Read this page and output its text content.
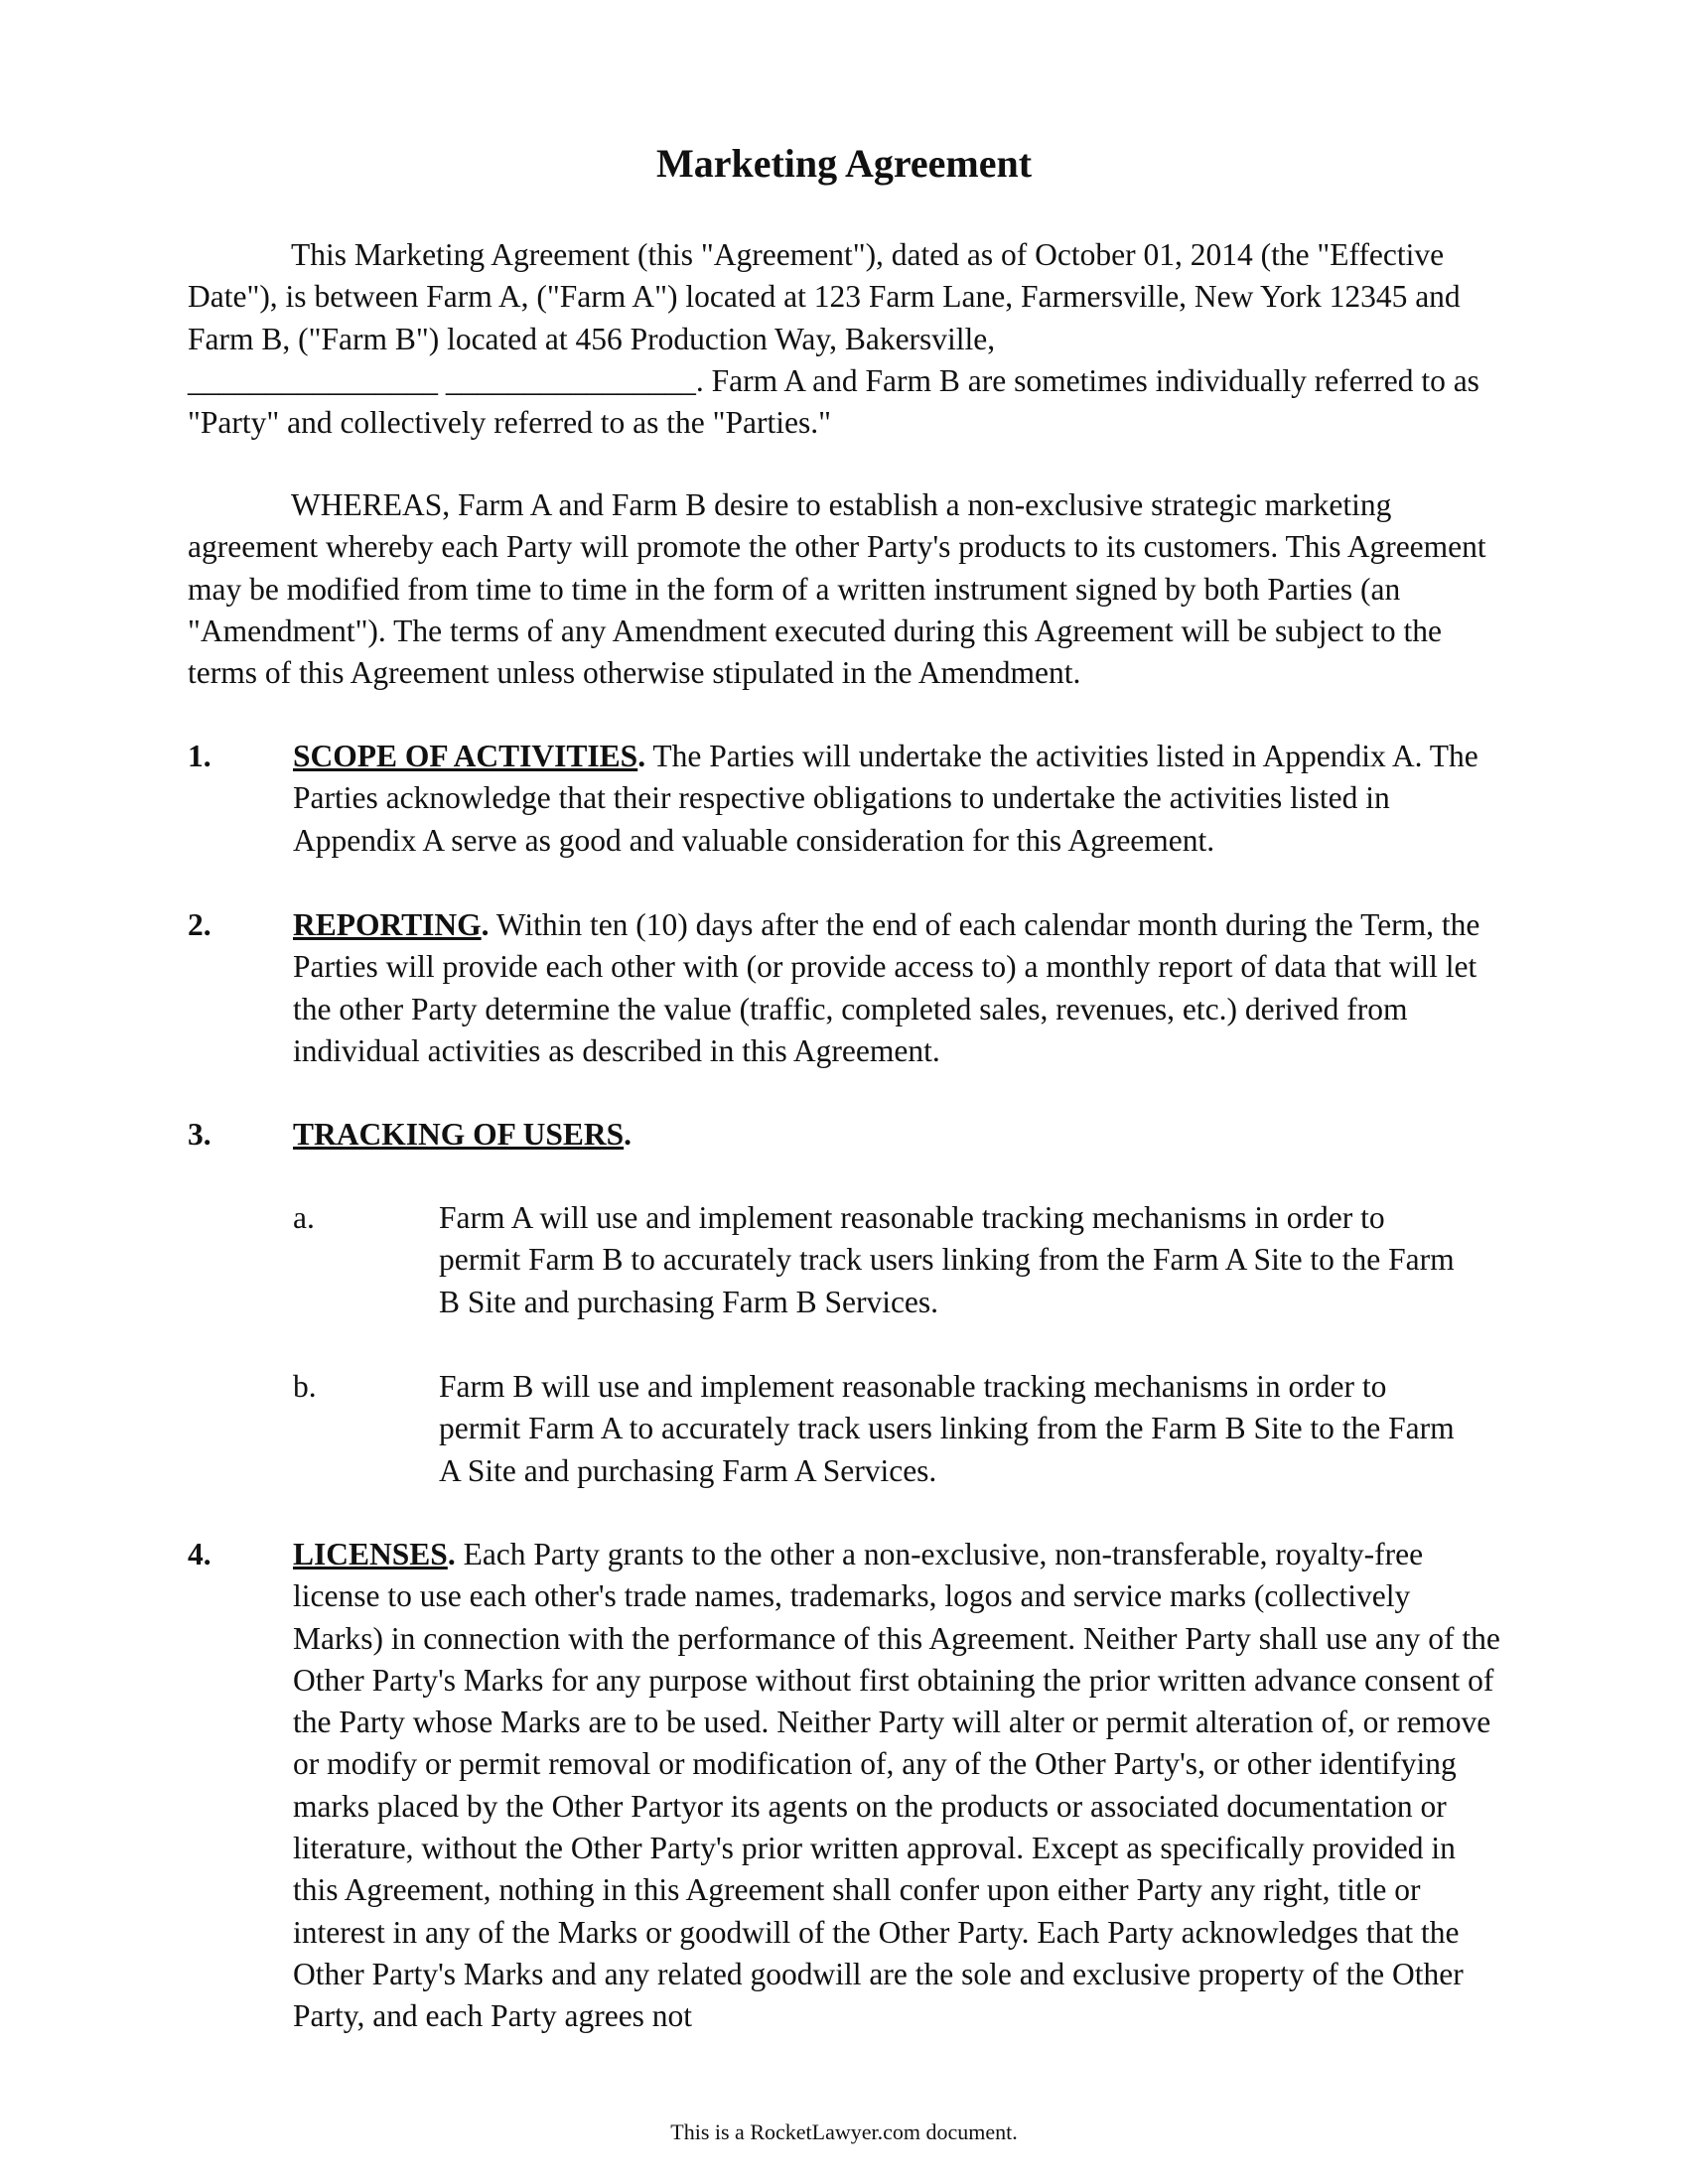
Marketing Agreement
This Marketing Agreement (this "Agreement"), dated as of October 01, 2014 (the "Effective Date"), is between Farm A, ("Farm A") located at 123 Farm Lane, Farmersville, New York 12345 and Farm B, ("Farm B") located at 456 Production Way, Bakersville,
________________ ________________. Farm A and Farm B are sometimes individually referred to as "Party" and collectively referred to as the "Parties."
WHEREAS, Farm A and Farm B desire to establish a non-exclusive strategic marketing agreement whereby each Party will promote the other Party's products to its customers. This Agreement may be modified from time to time in the form of a written instrument signed by both Parties (an "Amendment"). The terms of any Amendment executed during this Agreement will be subject to the terms of this Agreement unless otherwise stipulated in the Amendment.
1.	SCOPE OF ACTIVITIES. The Parties will undertake the activities listed in Appendix A. The Parties acknowledge that their respective obligations to undertake the activities listed in Appendix A serve as good and valuable consideration for this Agreement.
2.	REPORTING. Within ten (10) days after the end of each calendar month during the Term, the Parties will provide each other with (or provide access to) a monthly report of data that will let the other Party determine the value (traffic, completed sales, revenues, etc.) derived from individual activities as described in this Agreement.
3.	TRACKING OF USERS.
a.	Farm A will use and implement reasonable tracking mechanisms in order to permit Farm B to accurately track users linking from the Farm A Site to the Farm B Site and purchasing Farm B Services.
b.	Farm B will use and implement reasonable tracking mechanisms in order to permit Farm A to accurately track users linking from the Farm B Site to the Farm A Site and purchasing Farm A Services.
4.	LICENSES. Each Party grants to the other a non-exclusive, non-transferable, royalty-free license to use each other's trade names, trademarks, logos and service marks (collectively Marks) in connection with the performance of this Agreement. Neither Party shall use any of the Other Party's Marks for any purpose without first obtaining the prior written advance consent of the Party whose Marks are to be used. Neither Party will alter or permit alteration of, or remove or modify or permit removal or modification of, any of the Other Party's, or other identifying marks placed by the Other Partyor its agents on the products or associated documentation or literature, without the Other Party's prior written approval. Except as specifically provided in this Agreement, nothing in this Agreement shall confer upon either Party any right, title or interest in any of the Marks or goodwill of the Other Party. Each Party acknowledges that the Other Party's Marks and any related goodwill are the sole and exclusive property of the Other Party, and each Party agrees not
This is a RocketLawyer.com document.
